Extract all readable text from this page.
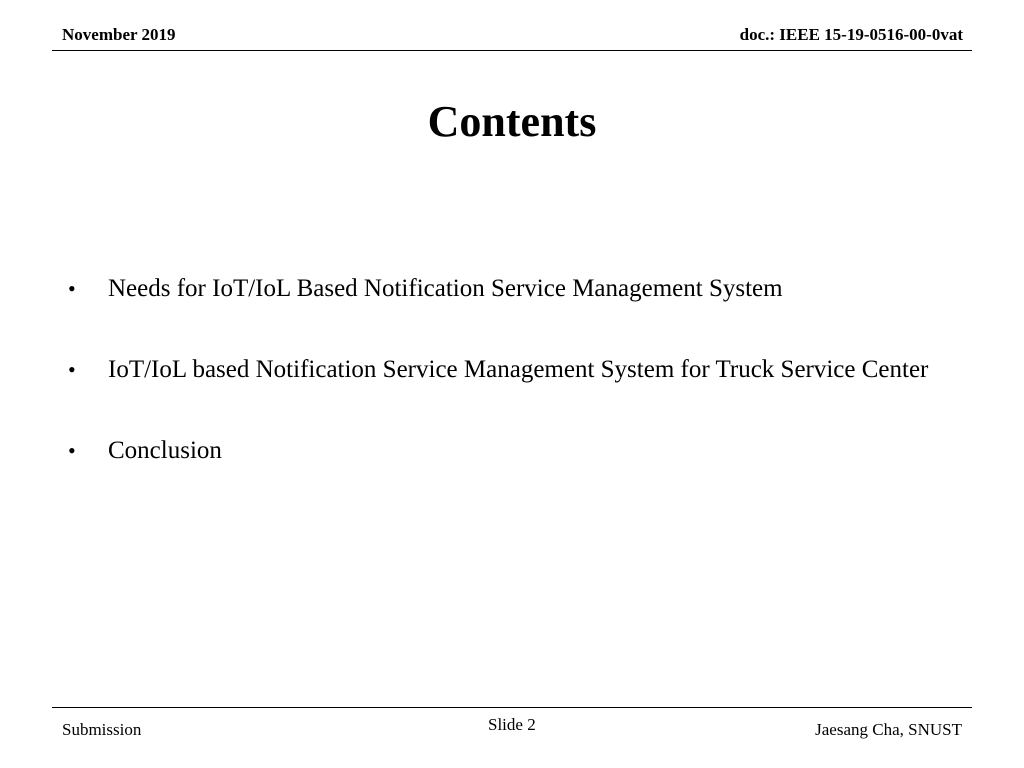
November 2019	doc.: IEEE 15-19-0516-00-0vat
Contents
• Needs for IoT/IoL Based Notification Service Management System
• IoT/IoL based Notification Service Management System for Truck Service Center
• Conclusion
Submission	Slide 2	Jaesang Cha, SNUST
